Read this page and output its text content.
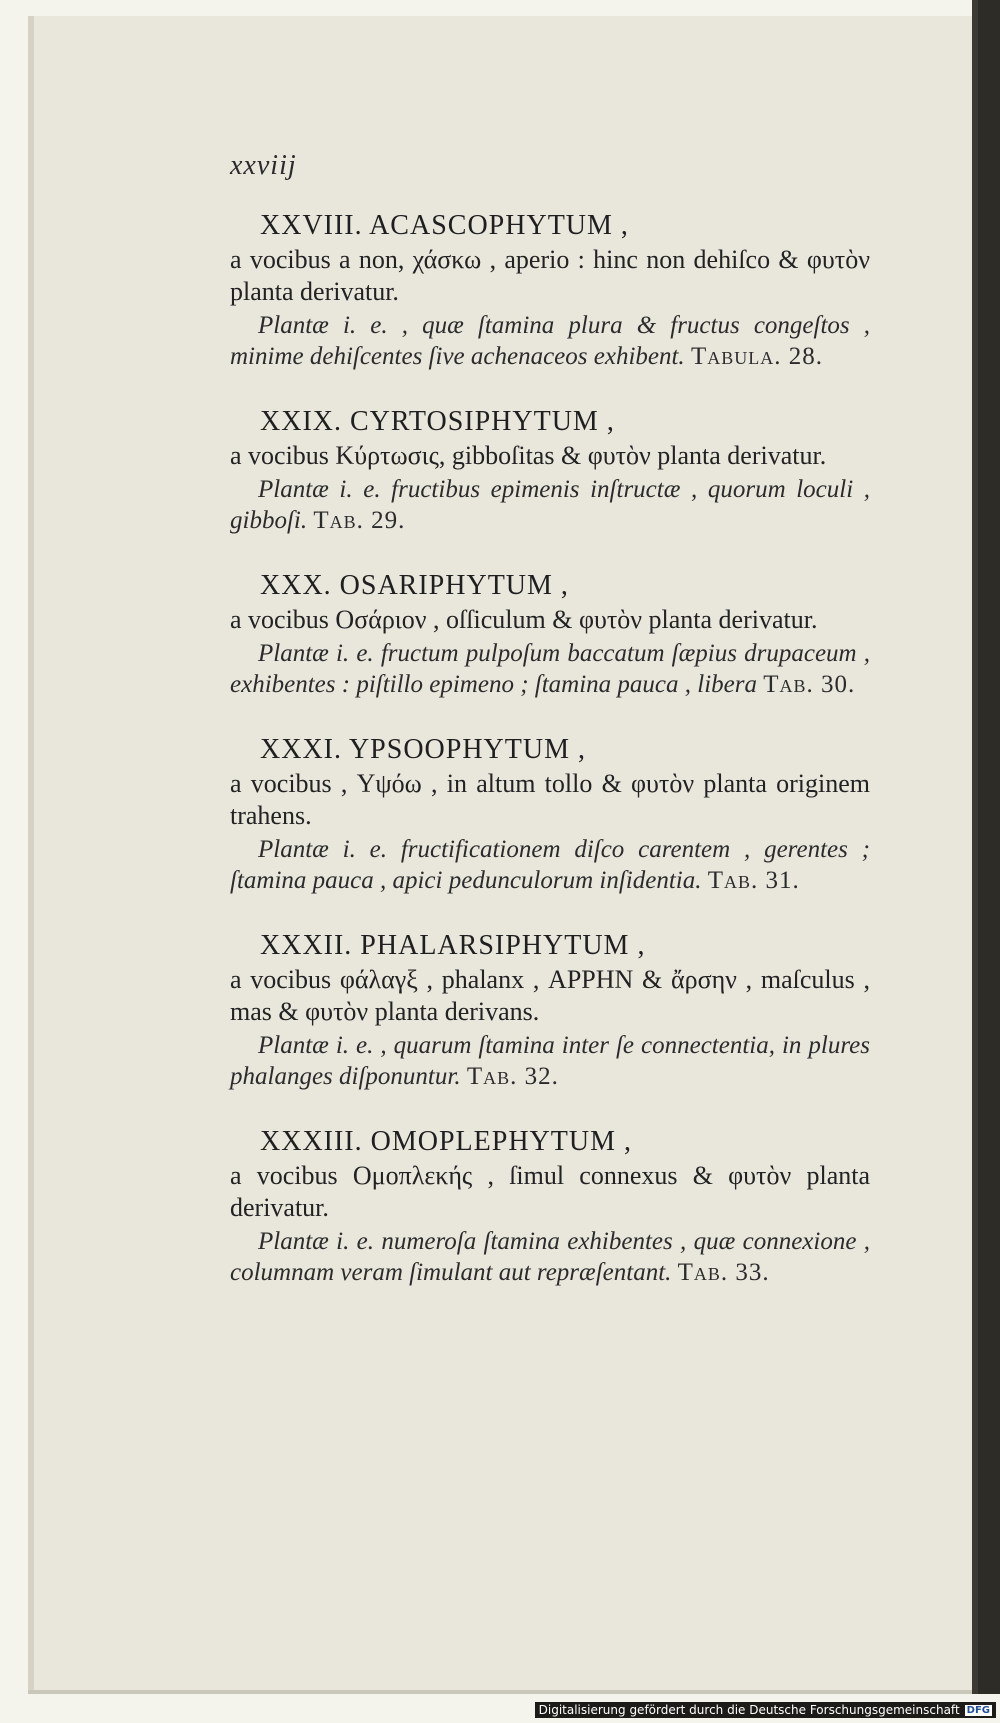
xxviij
XXVIII. ACASCOPHYTUM ,

a vocibus a non, χάσκω , aperio : hinc non dehiſco & φυτὸν planta derivatur.

Plantæ i. e. , quæ ſtamina plura & fructus congeſtos , minime dehiſcentes ſive achenaceos exhibent. Tabula. 28.

XXIX. CYRTOSIPHYTUM ,

a vocibus Κύρτωσις, gibboſitas & φυτὸν planta derivatur.

Plantæ i. e. fructibus epimenis inſtructæ , quorum loculi , gibboſi. Tab. 29.

XXX. OSARIPHYTUM ,

a vocibus Οσάριον , oſſiculum & φυτὸν planta derivatur.

Plantæ i. e. fructum pulpoſum baccatum ſæpius drupaceum , exhibentes : piſtillo epimeno ; ſtamina pauca , libera Tab. 30.

XXXI. YPSOOPHYTUM ,

a vocibus , Υψόω , in altum tollo & φυτὸν planta originem trahens.

Plantæ i. e. fructificationem diſco carentem , gerentes ; ſtamina pauca , apici pedunculorum inſidentia. Tab. 31.

XXXII. PHALARSIPHYTUM ,

a vocibus φάλαγξ , phalanx , ΑΡΡΗΝ & ἄρσην , maſculus , mas & φυτὸν planta derivans.

Plantæ i. e. , quarum ſtamina inter ſe connectentia, in plures phalanges diſponuntur. Tab. 32.

XXXIII. OMOPLEPHYTUM ,

a vocibus Ομοπλεκής , ſimul connexus & φυτὸν planta derivatur.

Plantæ i. e. numeroſa ſtamina exhibentes , quæ connexione , columnam veram ſimulant aut repræſentant. Tab. 33.

Digitalisierung gefördert durch die Deutsche Forschungsgemeinschaft DFG
